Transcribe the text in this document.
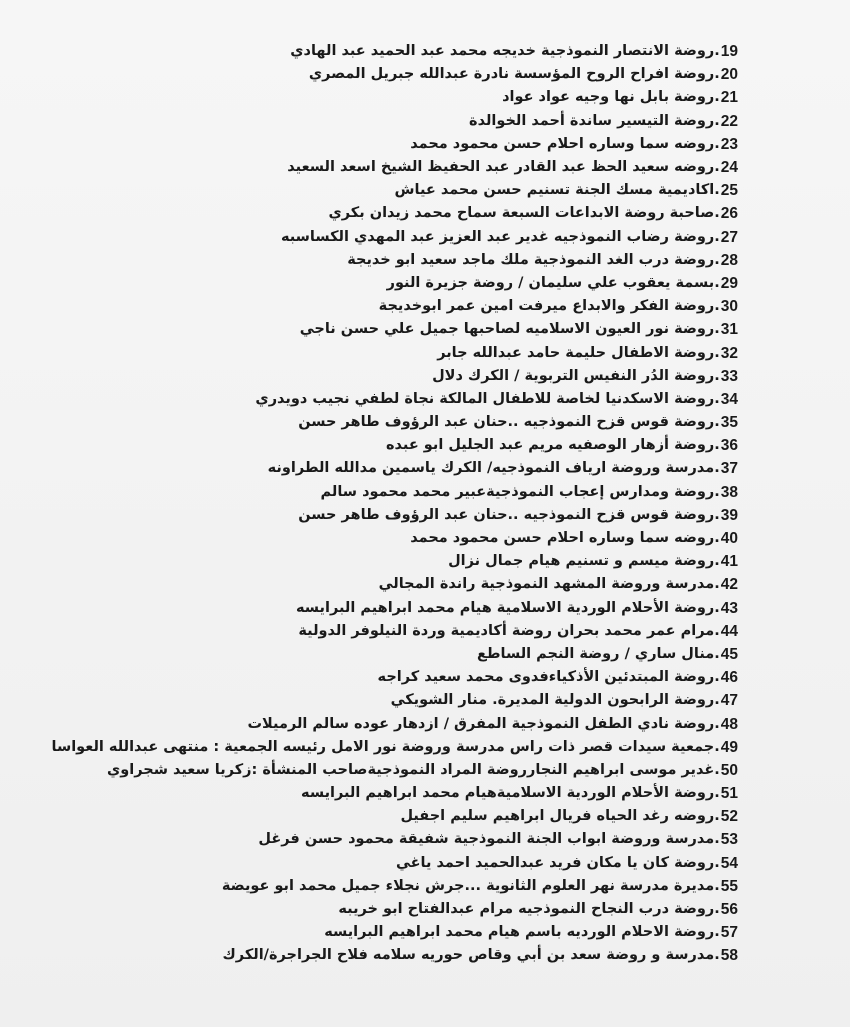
19
.روضة الانتصار النموذجية خديجه محمد عبد الحميد عبد الهادي
20
.روضة افراح الروح المؤسسة نادرة عبدالله جبريل المصري
21
.روضة بابل نها وجيه عواد عواد
22
.روضة التيسير ساندة أحمد الخوالدة
23
.روضه سما وساره احلام حسن محمود محمد
24
.روضه سعيد الحظ عبد القادر عبد الحفيظ الشيخ اسعد السعيد
25
.اكاديمية مسك الجنة تسنيم حسن محمد عياش
26
.صاحبة روضة الابداعات السبعة سماح محمد زيدان بكري
27
.روضة رضاب النموذجيه غدير عبد العزيز عبد المهدي الكساسبه
28
.روضة درب الغد النموذجية ملك ماجد سعيد ابو خديجة
29
.بسمة يعقوب علي سليمان / روضة جزيرة النور
30
.روضة الفكر والابداع ميرفت امين عمر ابوخديجة
31
.روضة نور العيون الاسلاميه لصاحبها جميل علي حسن ناجي
32
.روضة الاطفال حليمة حامد عبدالله جابر
33
.روضة الدُر النفيس التربوية / الكرك دلال
34
.روضة الاسكدنيا لخاصة للاطفال المالكة نجاة لطفي نجيب دويدري
35
.روضة قوس قزح النموذجيه ..حنان عبد الرؤوف طاهر حسن
36
.روضة أزهار الوصفيه مريم عبد الجليل ابو عبده
37
.مدرسة وروضة ارياف النموذجيه/ الكرك ياسمين مدالله الطراونه
38
.روضة ومدارس إعجاب النموذجيةعبير محمد محمود سالم
39
.روضة قوس قزح النموذجيه ..حنان عبد الرؤوف طاهر حسن
40
.روضه سما وساره احلام حسن محمود محمد
41
.روضة ميسم و تسنيم هيام جمال نزال
42
.مدرسة وروضة المشهد النموذجية راندة المجالي
43
.روضة الأحلام الوردية الاسلامية هيام محمد ابراهيم البرايسه
44
.مرام عمر محمد بحران روضة أكاديمية وردة النيلوفر الدولية
45
.منال ساري / روضة النجم الساطع
46
.روضة المبتدئين الأذكياءفدوى محمد سعيد كراجه
47
.روضة الرابحون الدولية المديرة. منار الشويكي
48
.روضة نادي الطفل النموذجية المفرق / ازدهار عوده سالم الرميلات
49
.جمعية سيدات قصر ذات راس مدرسة وروضة نور الامل رئيسه الجمعية : منتهى عبدالله العواسا
50
.غدير موسى ابراهيم النجارروضة المراد النموذجيةصاحب المنشأة :زكريا سعيد شجراوي
51
.روضة الأحلام الوردية الاسلاميةهيام محمد ابراهيم البرايسه
52
.روضه رغد الحياه فريال ابراهيم سليم اجفيل
53
.مدرسة وروضة ابواب الجنة النموذجية شفيقة محمود حسن فرغل
54
.روضة كان يا مكان فريد عبدالحميد احمد ياغي
55
.مديرة مدرسة نهر العلوم الثانوية ...جرش نجلاء جميل محمد ابو عويضة
56
.روضة درب النجاح النموذجيه مرام عبدالفتاح ابو خريبه
57
.روضة الاحلام الورديه باسم هيام محمد ابراهيم البرايسه
58
.مدرسة و روضة سعد بن أبي وقاص حوريه سلامه فلاح الجراجرة/الكرك
